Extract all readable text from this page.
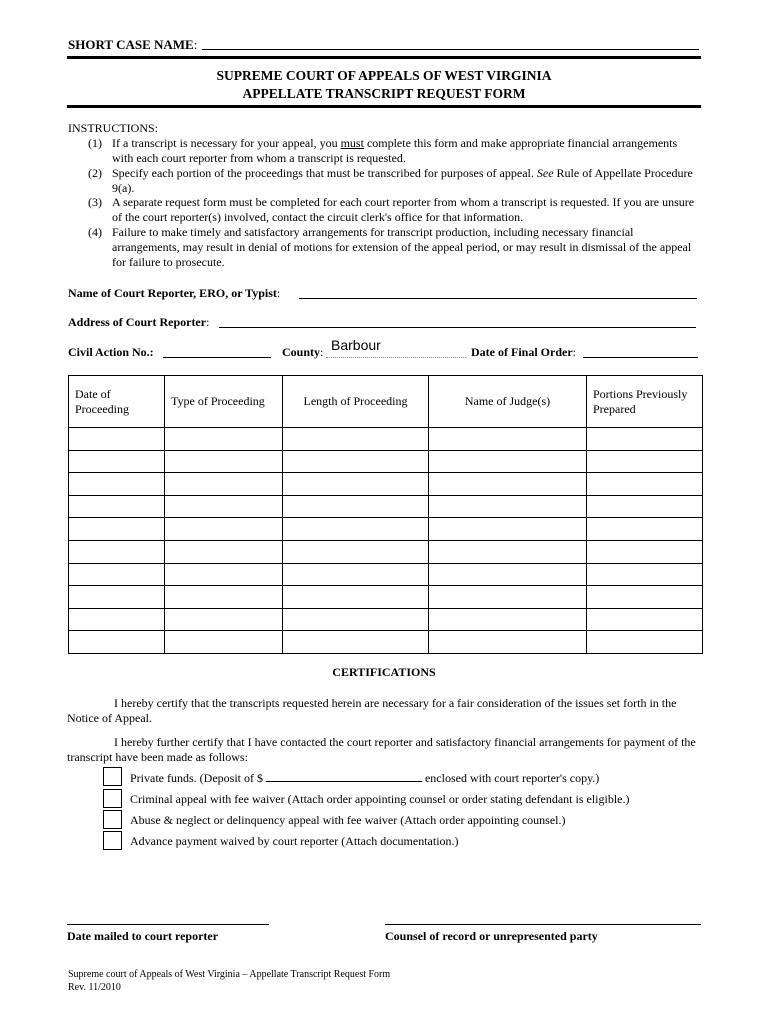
SHORT CASE NAME:
SUPREME COURT OF APPEALS OF WEST VIRGINIA
APPELLATE TRANSCRIPT REQUEST FORM
INSTRUCTIONS:
(1) If a transcript is necessary for your appeal, you must complete this form and make appropriate financial arrangements with each court reporter from whom a transcript is requested.
(2) Specify each portion of the proceedings that must be transcribed for purposes of appeal. See Rule of Appellate Procedure 9(a).
(3) A separate request form must be completed for each court reporter from whom a transcript is requested. If you are unsure of the court reporter(s) involved, contact the circuit clerk's office for that information.
(4) Failure to make timely and satisfactory arrangements for transcript production, including necessary financial arrangements, may result in denial of motions for extension of the appeal period, or may result in dismissal of the appeal for failure to prosecute.
Name of Court Reporter, ERO, or Typist:
Address of Court Reporter:
Civil Action No.:	County: Barbour	Date of Final Order:
Date of Proceeding	Type of Proceeding	Length of Proceeding	Name of Judge(s)	Portions Previously Prepared

CERTIFICATIONS
I hereby certify that the transcripts requested herein are necessary for a fair consideration of the issues set forth in the Notice of Appeal.
I hereby further certify that I have contacted the court reporter and satisfactory financial arrangements for payment of the transcript have been made as follows:
Private funds. (Deposit of $	enclosed with court reporter's copy.)
Criminal appeal with fee waiver (Attach order appointing counsel or order stating defendant is eligible.)
Abuse & neglect or delinquency appeal with fee waiver (Attach order appointing counsel.)
Advance payment waived by court reporter (Attach documentation.)
Date mailed to court reporter	Counsel of record or unrepresented party
Supreme court of Appeals of West Virginia – Appellate Transcript Request Form
Rev. 11/2010
